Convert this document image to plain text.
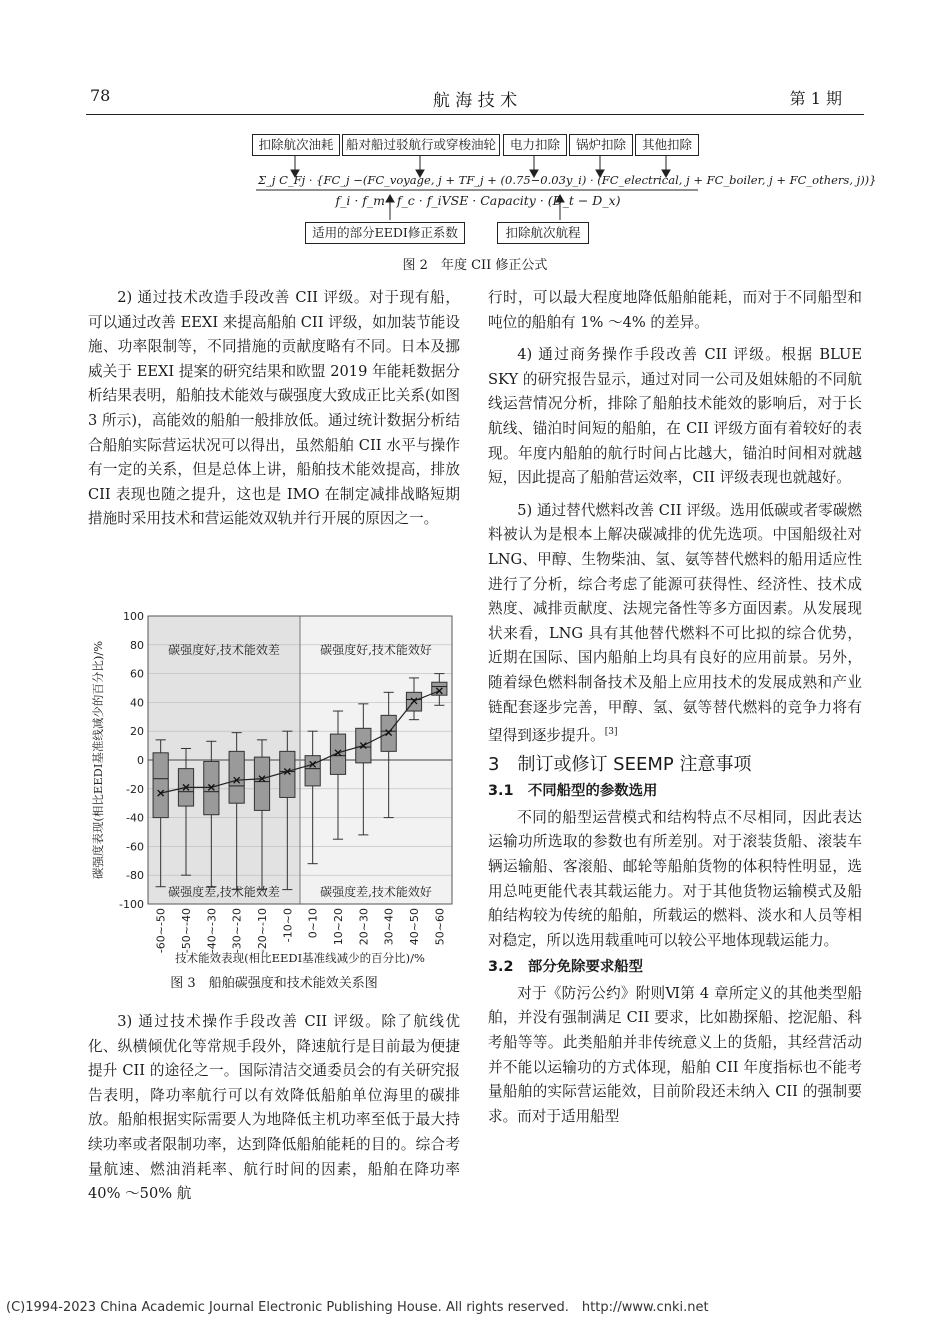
78	航 海 技 术	第 1 期
扣除航次油耗 船对船过驳航行或穿梭油轮	电力扣除	锅炉扣除	其他扣除
Σ_j C_Fj · {FC_j −(FC_voyage, j + TF_j + (0.75−0.03y_i) · (FC_electrical, j + FC_boiler, j + FC_others, j))}
f_i · f_m · f_c · f_iVSE · Capacity · (D_t − D_x)
适用的部分EEDI修正系数	扣除航次航程
图 2　年度 CII 修正公式

2) 通过技术改造手段改善 CII 评级。对于现有船，可以通过改善 EEXI 来提高船舶 CII 评级，如加装节能设施、功率限制等，不同措施的贡献度略有不同。日本及挪威关于 EEXI 提案的研究结果和欧盟 2019 年能耗数据分析结果表明，船舶技术能效与碳强度大致成正比关系(如图 3 所示)，高能效的船舶一般排放低。通过统计数据分析结合船舶实际营运状况可以得出，虽然船舶 CII 水平与操作有一定的关系，但是总体上讲，船舶技术能效提高，排放 CII 表现也随之提升，这也是 IMO 在制定减排战略短期措施时采用技术和营运能效双轨并行开展的原因之一。

100
80
60
40
20
0
-20
-40
-60
-80
-100
碳强度好,技术能效差	碳强度好,技术能效好
碳强度差,技术能效差	碳强度差,技术能效好
-60~-50 -50~-40 -40~-30 -30~-20 -20~-10 -10~0 0~10 10~20 20~30 30~40 40~50 50~60
技术能效表现(相比EEDI基准线减少的百分比)/%
碳强度表现(相比EEDI基准线减少的百分比)/%
图 3　船舶碳强度和技术能效关系图

3) 通过技术操作手段改善 CII 评级。除了航线优化、纵横倾优化等常规手段外，降速航行是目前最为便捷提升 CII 的途径之一。国际清洁交通委员会的有关研究报告表明，降功率航行可以有效降低船舶单位海里的碳排放。船舶根据实际需要人为地降低主机功率至低于最大持续功率或者限制功率，达到降低船舶能耗的目的。综合考量航速、燃油消耗率、航行时间的因素，船舶在降功率 40% ～50% 航

行时，可以最大程度地降低船舶能耗，而对于不同船型和吨位的船舶有 1% ～4% 的差异。

4) 通过商务操作手段改善 CII 评级。根据 BLUE SKY 的研究报告显示，通过对同一公司及姐妹船的不同航线运营情况分析，排除了船舶技术能效的影响后，对于长航线、锚泊时间短的船舶，在 CII 评级方面有着较好的表现。年度内船舶的航行时间占比越大，锚泊时间相对就越短，因此提高了船舶营运效率，CII 评级表现也就越好。

5) 通过替代燃料改善 CII 评级。选用低碳或者零碳燃料被认为是根本上解决碳减排的优先选项。中国船级社对 LNG、甲醇、生物柴油、氢、氨等替代燃料的船用适应性进行了分析，综合考虑了能源可获得性、经济性、技术成熟度、减排贡献度、法规完备性等多方面因素。从发展现状来看，LNG 具有其他替代燃料不可比拟的综合优势，近期在国际、国内船舶上均具有良好的应用前景。另外，随着绿色燃料制备技术及船上应用技术的发展成熟和产业链配套逐步完善，甲醇、氢、氨等替代燃料的竞争力将有望得到逐步提升。[3]

3　制订或修订 SEEMP 注意事项
3.1　不同船型的参数选用

不同的船型运营模式和结构特点不尽相同，因此表达运输功所选取的参数也有所差别。对于滚装货船、滚装车辆运输船、客滚船、邮轮等船舶货物的体积特性明显，选用总吨更能代表其载运能力。对于其他货物运输模式及船舶结构较为传统的船舶，所载运的燃料、淡水和人员等相对稳定，所以选用载重吨可以较公平地体现载运能力。

3.2　部分免除要求船型

对于《防污公约》附则Ⅵ第 4 章所定义的其他类型船舶，并没有强制满足 CII 要求，比如勘探船、挖泥船、科考船等等。此类船舶并非传统意义上的货船，其经营活动并不能以运输功的方式体现，船舶 CII 年度指标也不能考量船舶的实际营运能效，目前阶段还未纳入 CII 的强制要求。而对于适用船型

(C)1994-2023 China Academic Journal Electronic Publishing House. All rights reserved.　http://www.cnki.net
